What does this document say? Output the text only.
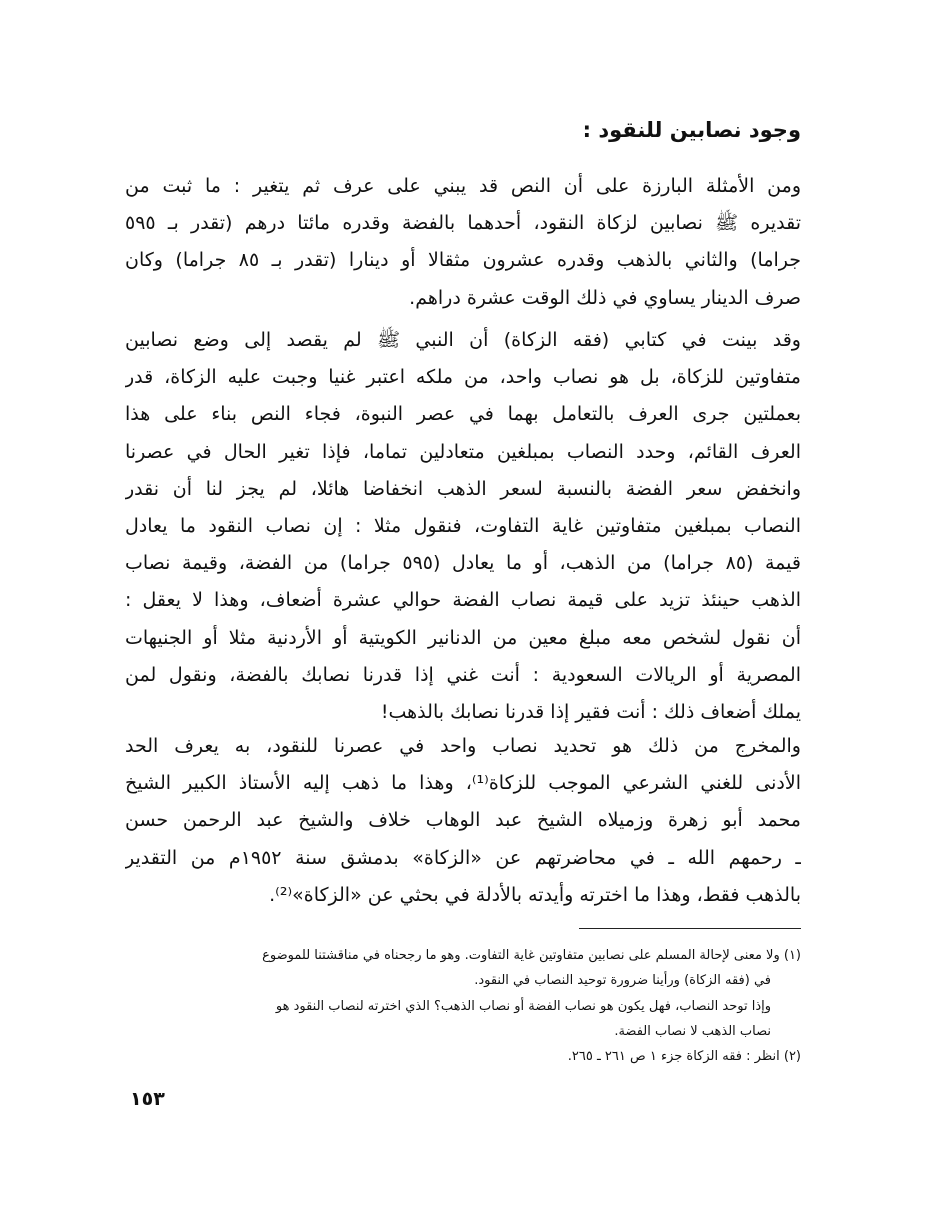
وجود نصابين للنقود :
ومن الأمثلة البارزة على أن النص قد يبني على عرف ثم يتغير : ما ثبت من
تقديره ﷺ نصابين لزكاة النقود، أحدهما بالفضة وقدره مائتا درهم (تقدر بـ ٥٩٥
جراما) والثاني بالذهب وقدره عشرون مثقالا أو دينارا (تقدر بـ ٨٥ جراما) وكان
صرف الدينار يساوي في ذلك الوقت عشرة دراهم.
وقد بينت في كتابي (فقه الزكاة) أن النبي ﷺ لم يقصد إلى وضع نصابين
متفاوتين للزكاة، بل هو نصاب واحد، من ملكه اعتبر غنيا وجبت عليه الزكاة، قدر
بعملتين جرى العرف بالتعامل بهما في عصر النبوة، فجاء النص بناء على هذا
العرف القائم، وحدد النصاب بمبلغين متعادلين تماما، فإذا تغير الحال في عصرنا
وانخفض سعر الفضة بالنسبة لسعر الذهب انخفاضا هائلا، لم يجز لنا أن نقدر
النصاب بمبلغين متفاوتين غاية التفاوت، فنقول مثلا : إن نصاب النقود ما يعادل
قيمة (٨٥ جراما) من الذهب، أو ما يعادل (٥٩٥ جراما) من الفضة، وقيمة نصاب
الذهب حينئذ تزيد على قيمة نصاب الفضة حوالي عشرة أضعاف، وهذا لا يعقل :
أن نقول لشخص معه مبلغ معين من الدنانير الكويتية أو الأردنية مثلا أو الجنيهات
المصرية أو الريالات السعودية : أنت غني إذا قدرنا نصابك بالفضة، ونقول لمن
يملك أضعاف ذلك : أنت فقير إذا قدرنا نصابك بالذهب!
والمخرج من ذلك هو تحديد نصاب واحد في عصرنا للنقود، به يعرف الحد
الأدنى للغني الشرعي الموجب للزكاة⁽¹⁾، وهذا ما ذهب إليه الأستاذ الكبير الشيخ
محمد أبو زهرة وزميلاه الشيخ عبد الوهاب خلاف والشيخ عبد الرحمن حسن
ـ رحمهم الله ـ في محاضرتهم عن «الزكاة» بدمشق سنة ١٩٥٢م من التقدير
بالذهب فقط، وهذا ما اخترته وأيدته بالأدلة في بحثي عن «الزكاة»⁽²⁾.
(١) ولا معنى لإحالة المسلم على نصابين متفاوتين غاية التفاوت. وهو ما رجحناه في مناقشتنا للموضوع
في (فقه الزكاة) ورأينا ضرورة توحيد النصاب في النقود.
وإذا توحد النصاب، فهل يكون هو نصاب الفضة أو نصاب الذهب؟ الذي اخترته لنصاب النقود هو
نصاب الذهب لا نصاب الفضة.
(٢) انظر : فقه الزكاة جزء ١ ص ٢٦١ ـ ٢٦٥.
١٥٣
